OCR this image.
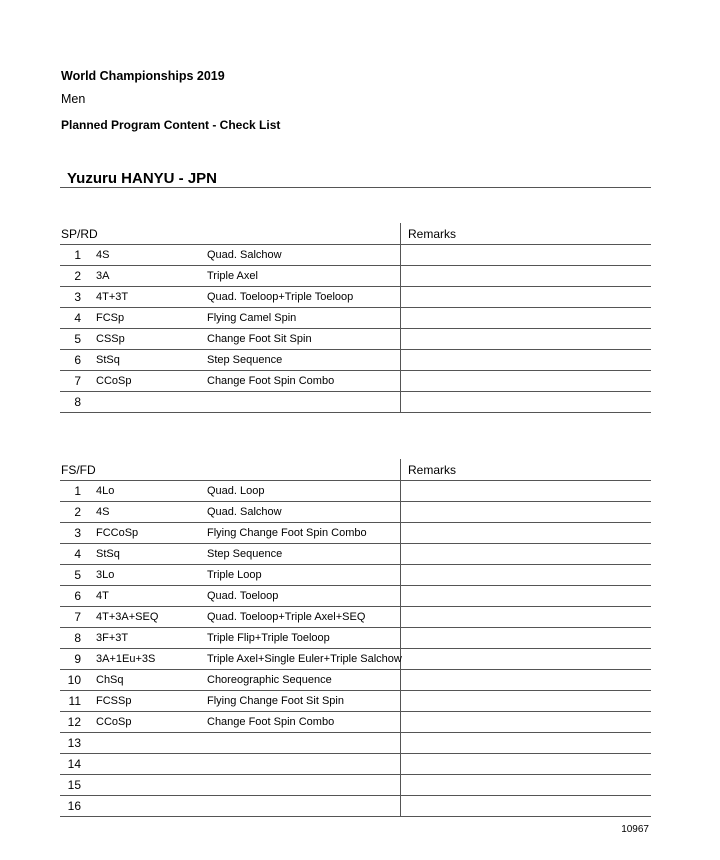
World Championships 2019
Men
Planned Program Content - Check List
Yuzuru HANYU - JPN
SP/RD	Remarks
1 4S	Quad. Salchow
2 3A	Triple Axel
3 4T+3T	Quad. Toeloop+Triple Toeloop
4 FCSp	Flying Camel Spin
5 CSSp	Change Foot Sit Spin
6 StSq	Step Sequence
7 CCoSp	Change Foot Spin Combo
8
FS/FD	Remarks
1 4Lo	Quad. Loop
2 4S	Quad. Salchow
3 FCCoSp	Flying Change Foot Spin Combo
4 StSq	Step Sequence
5 3Lo	Triple Loop
6 4T	Quad. Toeloop
7 4T+3A+SEQ	Quad. Toeloop+Triple Axel+SEQ
8 3F+3T	Triple Flip+Triple Toeloop
9 3A+1Eu+3S	Triple Axel+Single Euler+Triple Salchow
10 ChSq	Choreographic Sequence
11 FCSSp	Flying Change Foot Sit Spin
12 CCoSp	Change Foot Spin Combo
13
14
15
16
10967
